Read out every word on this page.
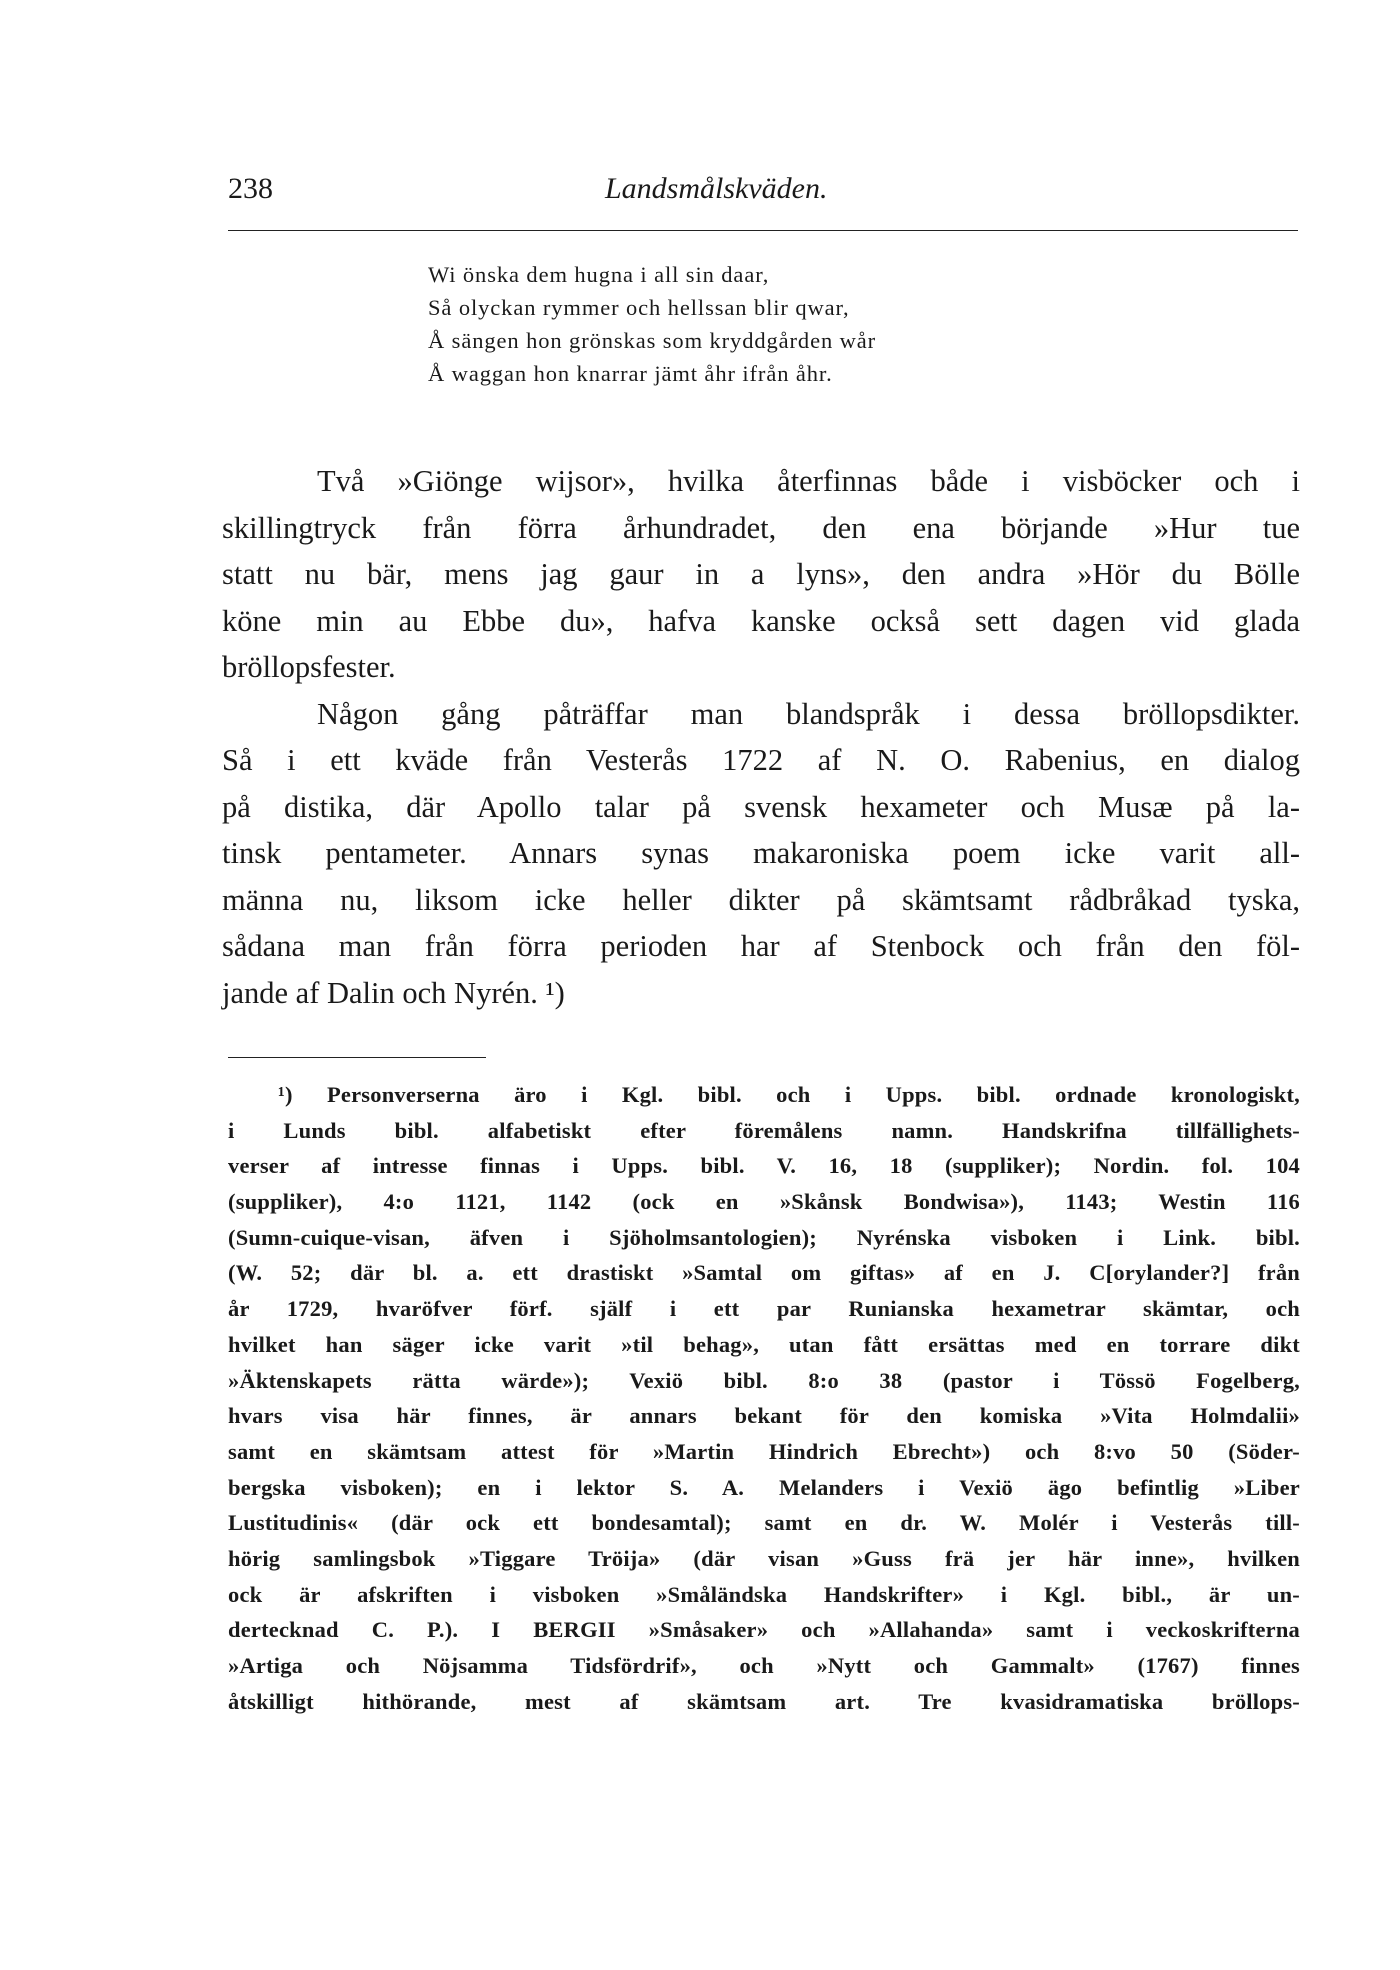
238	Landsmålskväden.
Wi önska dem hugna i all sin daar,
Så olyckan rymmer och hellssan blir qwar,
Å sängen hon grönskas som kryddgården wår
Å waggan hon knarrar jämt åhr ifrån åhr.
Två »Giönge wijsor», hvilka återfinnas både i visböcker och i
skillingtryck från förra århundradet, den ena börjande »Hur tue
statt nu bär, mens jag gaur in a lyns», den andra »Hör du Bölle
köne min au Ebbe du», hafva kanske också sett dagen vid glada
bröllopsfester.
Någon gång påträffar man blandspråk i dessa bröllopsdikter.
Så i ett kväde från Vesterås 1722 af N. O. Rabenius, en dialog
på distika, där Apollo talar på svensk hexameter och Musæ på la-
tinsk pentameter. Annars synas makaroniska poem icke varit all-
männa nu, liksom icke heller dikter på skämtsamt rådbråkad tyska,
sådana man från förra perioden har af Stenbock och från den föl-
jande af Dalin och Nyrén. ¹)
¹) Personverserna äro i Kgl. bibl. och i Upps. bibl. ordnade kronologiskt,
i Lunds bibl. alfabetiskt efter föremålens namn. Handskrifna tillfällighets-
verser af intresse finnas i Upps. bibl. V. 16, 18 (suppliker); Nordin. fol. 104
(suppliker), 4:o 1121, 1142 (ock en »Skånsk Bondwisa»), 1143; Westin 116
(Sumn-cuique-visan, äfven i Sjöholmsantologien); Nyrénska visboken i Link. bibl.
(W. 52; där bl. a. ett drastiskt »Samtal om giftas» af en J. C[orylander?] från
år 1729, hvaröfver förf. själf i ett par Runianska hexametrar skämtar, och
hvilket han säger icke varit »til behag», utan fått ersättas med en torrare dikt
»Äktenskapets rätta wärde»); Vexiö bibl. 8:o 38 (pastor i Tössö Fogelberg,
hvars visa här finnes, är annars bekant för den komiska »Vita Holmdalii»
samt en skämtsam attest för »Martin Hindrich Ebrecht») och 8:vo 50 (Söder-
bergska visboken); en i lektor S. A. Melanders i Vexiö ägo befintlig »Liber
Lustitudinis« (där ock ett bondesamtal); samt en dr. W. Molér i Vesterås till-
hörig samlingsbok »Tiggare Tröija» (där visan »Guss frä jer här inne», hvilken
ock är afskriften i visboken »Småländska Handskrifter» i Kgl. bibl., är un-
dertecknad C. P.). I BERGII »Småsaker» och »Allahanda» samt i veckoskrifterna
»Artiga och Nöjsamma Tidsfördrif», och »Nytt och Gammalt» (1767) finnes
åtskilligt hithörande, mest af skämtsam art. Tre kvasidramatiska bröllops-
